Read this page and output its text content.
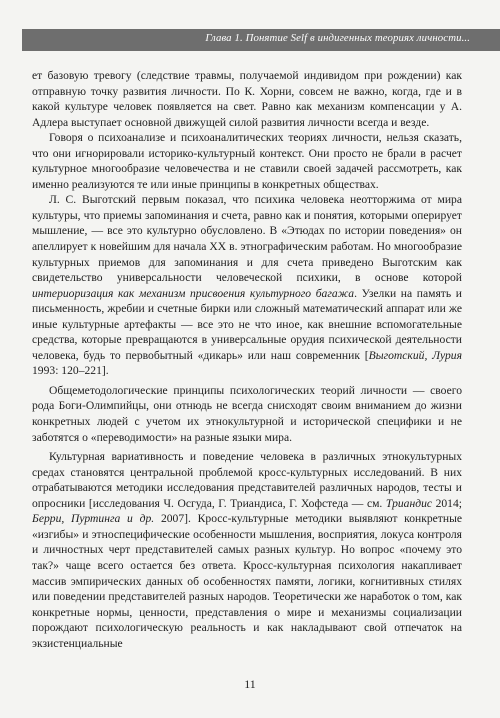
Глава 1. Понятие Self в индигенных теориях личности...

ет базовую тревогу (следствие травмы, получаемой индивидом при рождении) как отправную точку развития личности. По К. Хорни, совсем не важно, когда, где и в какой культуре человек появляется на свет. Равно как механизм компенсации у А. Адлера выступает основной движущей силой развития личности всегда и везде.

Говоря о психоанализе и психоаналитических теориях личности, нельзя сказать, что они игнорировали историко-культурный контекст. Они просто не брали в расчет культурное многообразие человечества и не ставили своей задачей рассмотреть, как именно реализуются те или иные принципы в конкретных обществах.

Л. С. Выготский первым показал, что психика человека неотторжима от мира культуры, что приемы запоминания и счета, равно как и понятия, которыми оперирует мышление, — все это культурно обусловлено. В «Этюдах по истории поведения» он апеллирует к новейшим для начала XX в. этнографическим работам. Но многообразие культурных приемов для запоминания и для счета приведено Выготским как свидетельство универсальности человеческой психики, в основе которой интериоризация как механизм присвоения культурного багажа. Узелки на память и письменность, жребии и счетные бирки или сложный математический аппарат или же иные культурные артефакты — все это не что иное, как внешние вспомогательные средства, которые превращаются в универсальные орудия психической деятельности человека, будь то первобытный «дикарь» или наш современник [Выготский, Лурия 1993: 120–221].

Общеметодологические принципы психологических теорий личности — своего рода Боги-Олимпийцы, они отнюдь не всегда снисходят своим вниманием до жизни конкретных людей с учетом их этнокультурной и исторической специфики и не заботятся о «переводимости» на разные языки мира.

Культурная вариативность и поведение человека в различных этнокультурных средах становятся центральной проблемой кросс-культурных исследований. В них отрабатываются методики исследования представителей различных народов, тесты и опросники [исследования Ч. Осгуда, Г. Триандиса, Г. Хофстеда — см. Триандис 2014; Берри, Пуртинга и др. 2007]. Кросс-культурные методики выявляют конкретные «изгибы» и этноспецифические особенности мышления, восприятия, локуса контроля и личностных черт представителей самых разных культур. Но вопрос «почему это так?» чаще всего остается без ответа. Кросс-культурная психология накапливает массив эмпирических данных об особенностях памяти, логики, когнитивных стилях или поведении представителей разных народов. Теоретически же наработок о том, как конкретные нормы, ценности, представления о мире и механизмы социализации порождают психологическую реальность и как накладывают свой отпечаток на экзистенциальные

11
